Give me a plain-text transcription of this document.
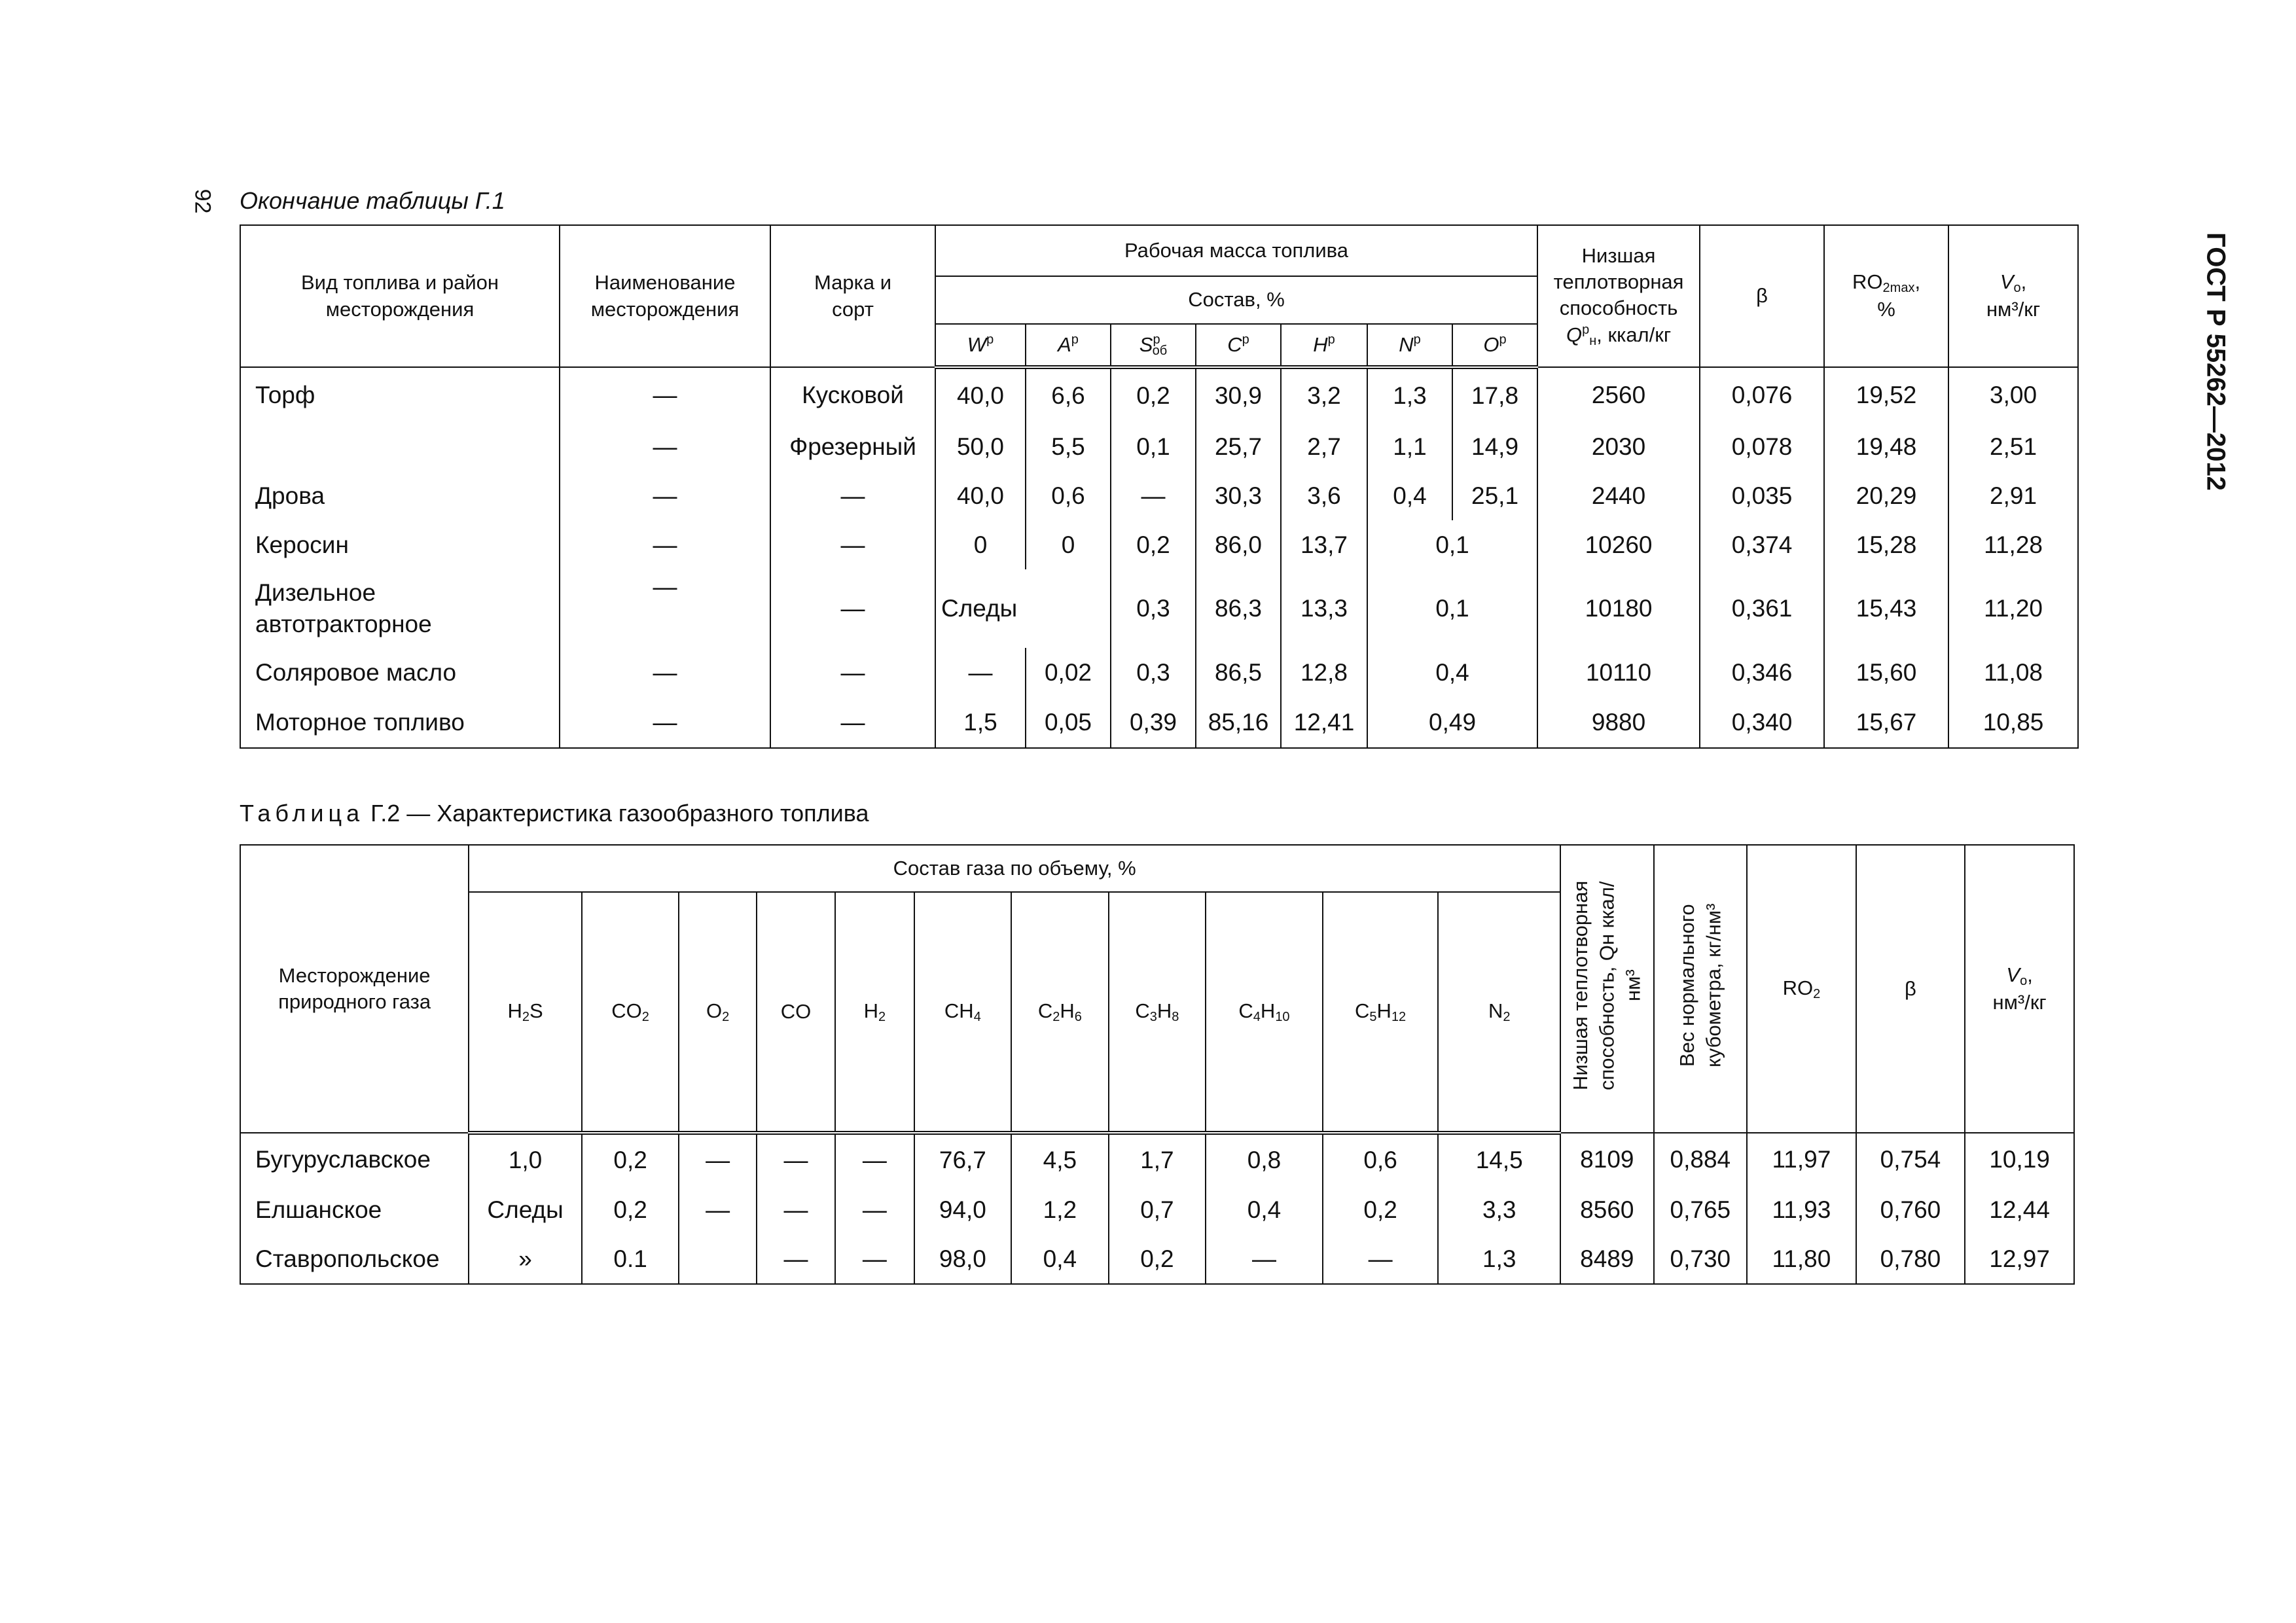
92
ГОСТ Р 55262—2012
Окончание таблицы Г.1
Вид топлива и район месторождения	Наименование месторождения	Марка и сорт	Рабочая масса топлива							Низшая теплотворная способность
$Q^р_н$, ккал/кг	β	$RO_{2max}$,
%	$V_o$,
нм³/кг
			Состав, %										
			$W^р$	$A^р$	$S^р_{об}$	$C^р$	$H^р$	$N^р$	$O^р$
Торф	—	Кусковой	40,0	6,6	0,2	30,9	3,2	1,3	17,8	2560	0,076	19,52	3,00
	—	Фрезерный	50,0	5,5	0,1	25,7	2,7	1,1	14,9	2030	0,078	19,48	2,51
Дрова	—	—	40,0	0,6	—	30,3	3,6	0,4	25,1	2440	0,035	20,29	2,91
Керосин	—	—	0	0	0,2	86,0	13,7	0,1		10260	0,374	15,28	11,28
Дизельное автотракторное	—	—	Следы		0,3	86,3	13,3	0,1		10180	0,361	15,43	11,20
Соляровое масло	—	—	—	0,02	0,3	86,5	12,8	0,4		10110	0,346	15,60	11,08
Моторное топливо	—	—	1,5	0,05	0,39	85,16	12,41	0,49		9880	0,340	15,67	10,85
Таблица Г.2 — Характеристика газообразного топлива
Месторождение природного газа	Состав газа по объему, %											Низшая теплотворная способность, Qн ккал/нм³	Вес нормального кубометра, кг/нм³	$RO_2$	β	$V_o$,
нм³/кг
	$H_2S$	$CO_2$	$O_2$	CO	$H_2$	$CH_4$	$C_2H_6$	$C_3H_8$	$C_4H_{10}$	$C_5H_{12}$	$N_2$
Бугуруславское	1,0	0,2	—	—	—	76,7	4,5	1,7	0,8	0,6	14,5	8109	0,884	11,97	0,754	10,19
Елшанское	Следы	0,2	—	—	—	94,0	1,2	0,7	0,4	0,2	3,3	8560	0,765	11,93	0,760	12,44
Ставропольское	»	0.1		—	—	98,0	0,4	0,2	—	—	1,3	8489	0,730	11,80	0,780	12,97
